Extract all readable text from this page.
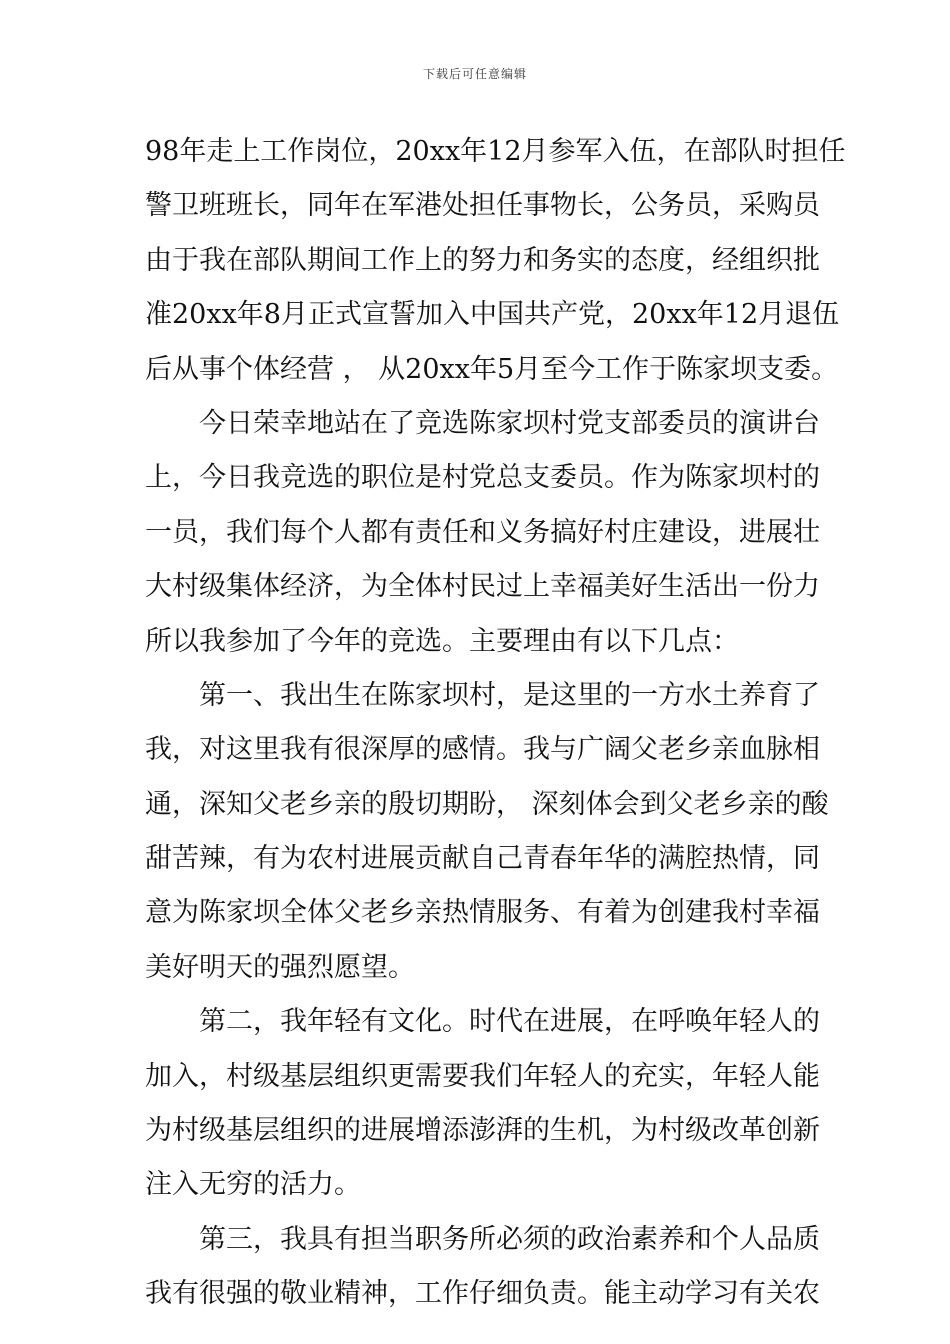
下载后可任意编辑
98年走上工作岗位，20xx年12月参军入伍，在部队时担任
警卫班班长，同年在军港处担任事物长，公务员，采购员
由于我在部队期间工作上的努力和务实的态度，经组织批
准20xx年8月正式宣誓加入中国共产党，20xx年12月退伍
后从事个体经营 ， 从20xx年5月至今工作于陈家坝支委。
今日荣幸地站在了竞选陈家坝村党支部委员的演讲台
上，今日我竞选的职位是村党总支委员。作为陈家坝村的
一员，我们每个人都有责任和义务搞好村庄建设，进展壮
大村级集体经济，为全体村民过上幸福美好生活出一份力
所以我参加了今年的竞选。主要理由有以下几点：
第一、我出生在陈家坝村，是这里的一方水土养育了
我，对这里我有很深厚的感情。我与广阔父老乡亲血脉相
通，深知父老乡亲的殷切期盼， 深刻体会到父老乡亲的酸
甜苦辣，有为农村进展贡献自己青春年华的满腔热情，同
意为陈家坝全体父老乡亲热情服务、有着为创建我村幸福
美好明天的强烈愿望。
第二，我年轻有文化。时代在进展，在呼唤年轻人的
加入，村级基层组织更需要我们年轻人的充实，年轻人能
为村级基层组织的进展增添澎湃的生机，为村级改革创新
注入无穷的活力。
第三，我具有担当职务所必须的政治素养和个人品质
我有很强的敬业精神，工作仔细负责。能主动学习有关农
